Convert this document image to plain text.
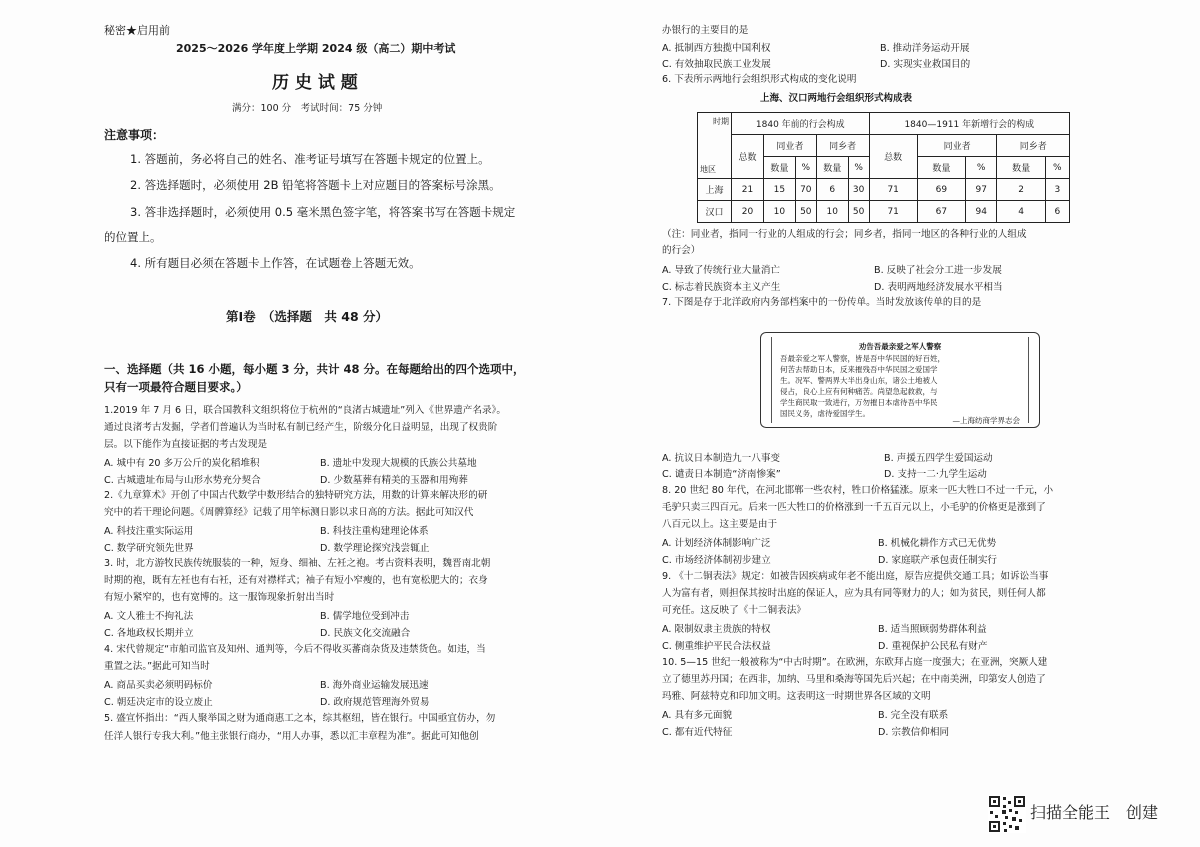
秘密★启用前
2025～2026 学年度上学期 2024 级（高二）期中考试
历 史 试 题
满分：100 分　考试时间：75 分钟
注意事项：
1. 答题前，务必将自己的姓名、准考证号填写在答题卡规定的位置上。
2. 答选择题时，必须使用 2B 铅笔将答题卡上对应题目的答案标号涂黑。
3. 答非选择题时，必须使用 0.5 毫米黑色签字笔，将答案书写在答题卡规定
的位置上。
4. 所有题目必须在答题卡上作答，在试题卷上答题无效。
第Ⅰ卷　（选择题　共 48 分）
一、选择题（共 16 小题，每小题 3 分，共计 48 分。在每题给出的四个选项中，
只有一项最符合题目要求。）
1.2019 年 7 月 6 日，联合国教科文组织将位于杭州的“良渚古城遗址”列入《世界遗产名录》。
通过良渚考古发掘，学者们普遍认为当时私有制已经产生，阶级分化日益明显，出现了权贵阶
层。以下能作为直接证据的考古发现是
A. 城中有 20 多万公斤的炭化稻堆积	B. 遗址中发现大规模的氏族公共墓地
C. 古城遗址布局与山形水势充分契合	D. 少数墓葬有精美的玉器和用殉葬
2.《九章算术》开创了中国古代数学中数形结合的独特研究方法，用数的计算来解决形的研
究中的若干理论问题。《周髀算经》记载了用竿标测日影以求日高的方法。据此可知汉代
A. 科技注重实际运用	B. 科技注重构建理论体系
C. 数学研究领先世界	D. 数学理论探究浅尝辄止
3. 时，北方游牧民族传统服装的一种，短身、细袖、左衽之袍。考古资料表明，魏晋南北朝
时期的袍，既有左衽也有右衽，还有对襟样式；袖子有短小窄瘦的，也有宽松肥大的；衣身
有短小紧窄的，也有宽博的。这一服饰现象折射出当时
A. 文人雅士不拘礼法	B. 儒学地位受到冲击
C. 各地政权长期并立	D. 民族文化交流融合
4. 宋代曾规定“市舶司监官及知州、通判等，今后不得收买蕃商杂货及违禁货色。如违，当
重置之法。”据此可知当时
A. 商品买卖必须明码标价	B. 海外商业运输发展迅速
C. 朝廷决定市的设立废止	D. 政府规范管理海外贸易
5. 盛宣怀指出：“西人聚举国之财为通商惠工之本，综其枢纽，皆在银行。中国亟宜仿办，勿
任洋人银行专我大利。”他主张银行商办，“用人办事，悉以汇丰章程为准”。据此可知他创
办银行的主要目的是
A. 抵制西方独揽中国利权	B. 推动洋务运动开展
C. 有效抽取民族工业发展	D. 实现实业救国目的
6. 下表所示两地行会组织形式构成的变化说明
上海、汉口两地行会组织形式构成表
时期
地区	1840 年前的行会构成					1840—1911 年新增行会的构成				
	总数	同业者		同乡者		总数	同业者		同乡者	
		数量	%	数量	%		数量	%	数量	%
上海	21	15	70	6	30	71	69	97	2	3
汉口	20	10	50	10	50	71	67	94	4	6
（注：同业者，指同一行业的人组成的行会；同乡者，指同一地区的各种行业的人组成
的行会）
A. 导致了传统行业大量消亡	B. 反映了社会分工进一步发展
C. 标志着民族资本主义产生	D. 表明两地经济发展水平相当
7. 下图是存于北洋政府内务部档案中的一份传单。当时发放该传单的目的是
劝告吾最亲爱之军人警察
吾最亲爱之军人警察，皆是吾中华民国的好百姓，
何苦去帮助日本，反来摧残吾中华民国之爱国学
生。况军、警两界大半出身山东，诸公土地被人
侵占，良心上应有何种痛苦。尚望急起救救，与
学生商民取一致进行，万勿摧日本虐待吾中华民
国民义务，虐待爱国学生。
—上海纺商学界志会
A. 抗议日本制造九一八事变	B. 声援五四学生爱国运动
C. 谴责日本制造“济南惨案”	D. 支持一二·九学生运动
8. 20 世纪 80 年代，在河北邯郸一些农村，牲口价格猛涨。原来一匹大牲口不过一千元，小
毛驴只卖三四百元。后来一匹大牲口的价格涨到一千五百元以上，小毛驴的价格更是涨到了
八百元以上。这主要是由于
A. 计划经济体制影响广泛	B. 机械化耕作方式已无优势
C. 市场经济体制初步建立	D. 家庭联产承包责任制实行
9. 《十二铜表法》规定：如被告因疾病或年老不能出庭，原告应提供交通工具；如诉讼当事
人为富有者，则担保其按时出庭的保证人，应为具有同等财力的人；如为贫民，则任何人都
可充任。这反映了《十二铜表法》
A. 限制奴隶主贵族的特权	B. 适当照顾弱势群体利益
C. 侧重维护平民合法权益	D. 重视保护公民私有财产
10. 5—15 世纪一般被称为“中古时期”。在欧洲，东欧拜占庭一度强大；在亚洲，突厥人建
立了德里苏丹国；在西非，加纳、马里和桑海等国先后兴起；在中南美洲，印第安人创造了
玛雅、阿兹特克和印加文明。这表明这一时期世界各区域的文明
A. 具有多元面貌	B. 完全没有联系
C. 都有近代特征	D. 宗教信仰相同
扫描全能王　创建
